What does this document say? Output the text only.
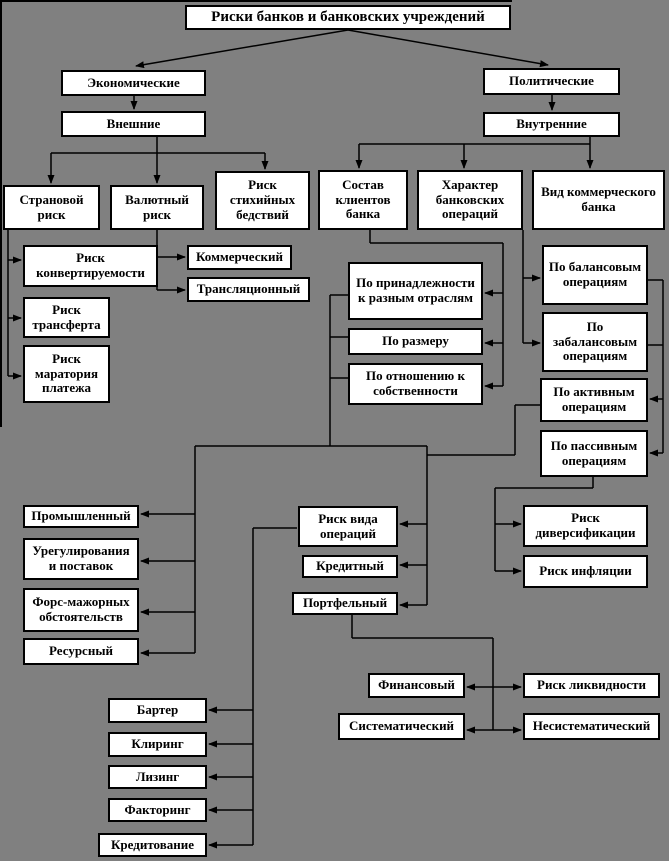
Риски банков и банковских учреждений
Экономические	Политические
Внешние	Внутренние
Страновой риск
Валютный риск
Риск стихийных бедствий
Состав клиентов банка
Характер банковских операций
Вид коммерческого банка
Риск конвертируемости
Риск трансферта
Риск маратория платежа
Коммерческий
Трансляционный	По принадлежности к разным отраслям
По размеру
По отношению к собственности
По балансовым операциям
По забалансовым операциям
По активным операциям
По пассивным операциям
Промышленный
Урегулирования и поставок
Форс-мажорных обстоятельств
Ресурсный
Риск вида операций
Кредитный
Портфельный
Риск диверсификации
Риск инфляции
Бартер
Клиринг
Лизинг
Факторинг
Кредитование
Финансовый
Систематический
Риск ликвидности
Несистематический
